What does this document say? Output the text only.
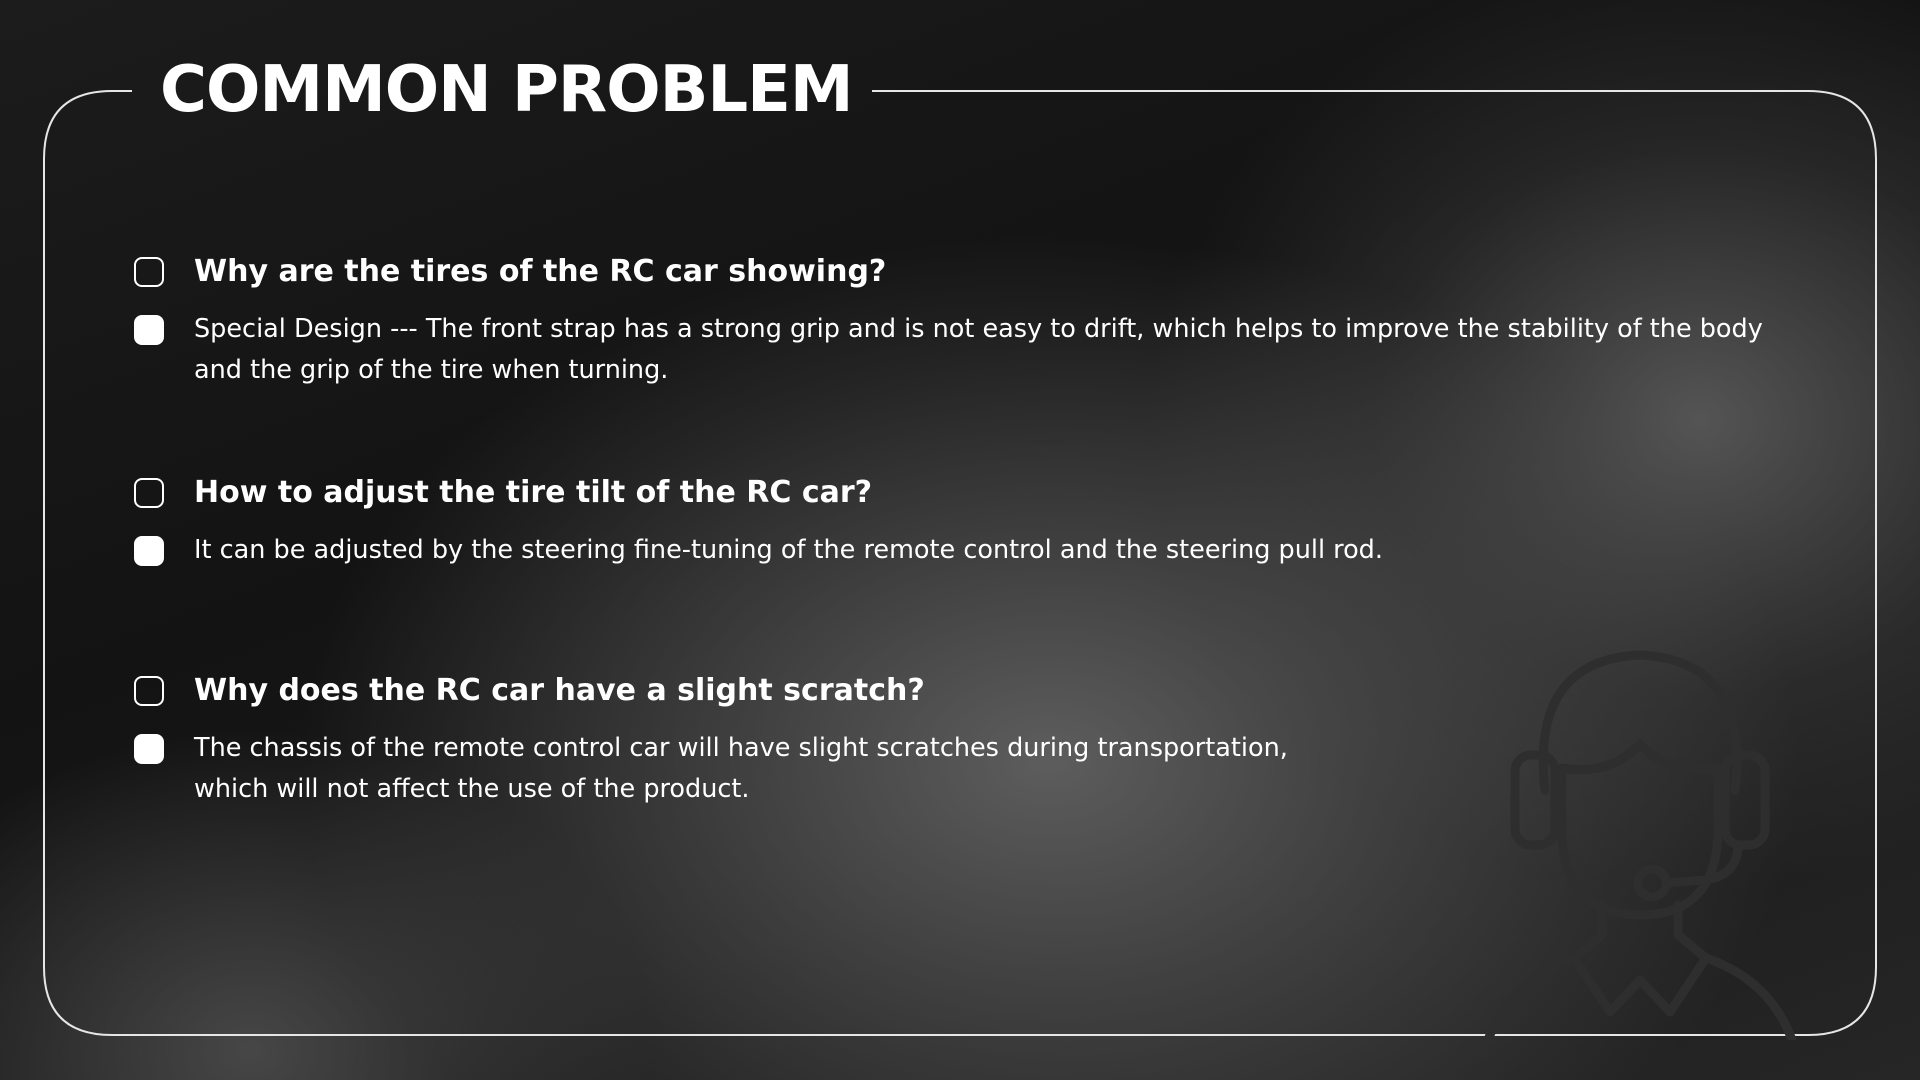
COMMON PROBLEM
Why are the tires of the RC car showing?
Special Design --- The front strap has a strong grip and is not easy to drift, which helps to improve the stability of the body and the grip of the tire when turning.
How to adjust the tire tilt of the RC car?
It can be adjusted by the steering fine-tuning of the remote control and the steering pull rod.
Why does the RC car have a slight scratch?
The chassis of the remote control car will have slight scratches during transportation, which will not affect the use of the product.
